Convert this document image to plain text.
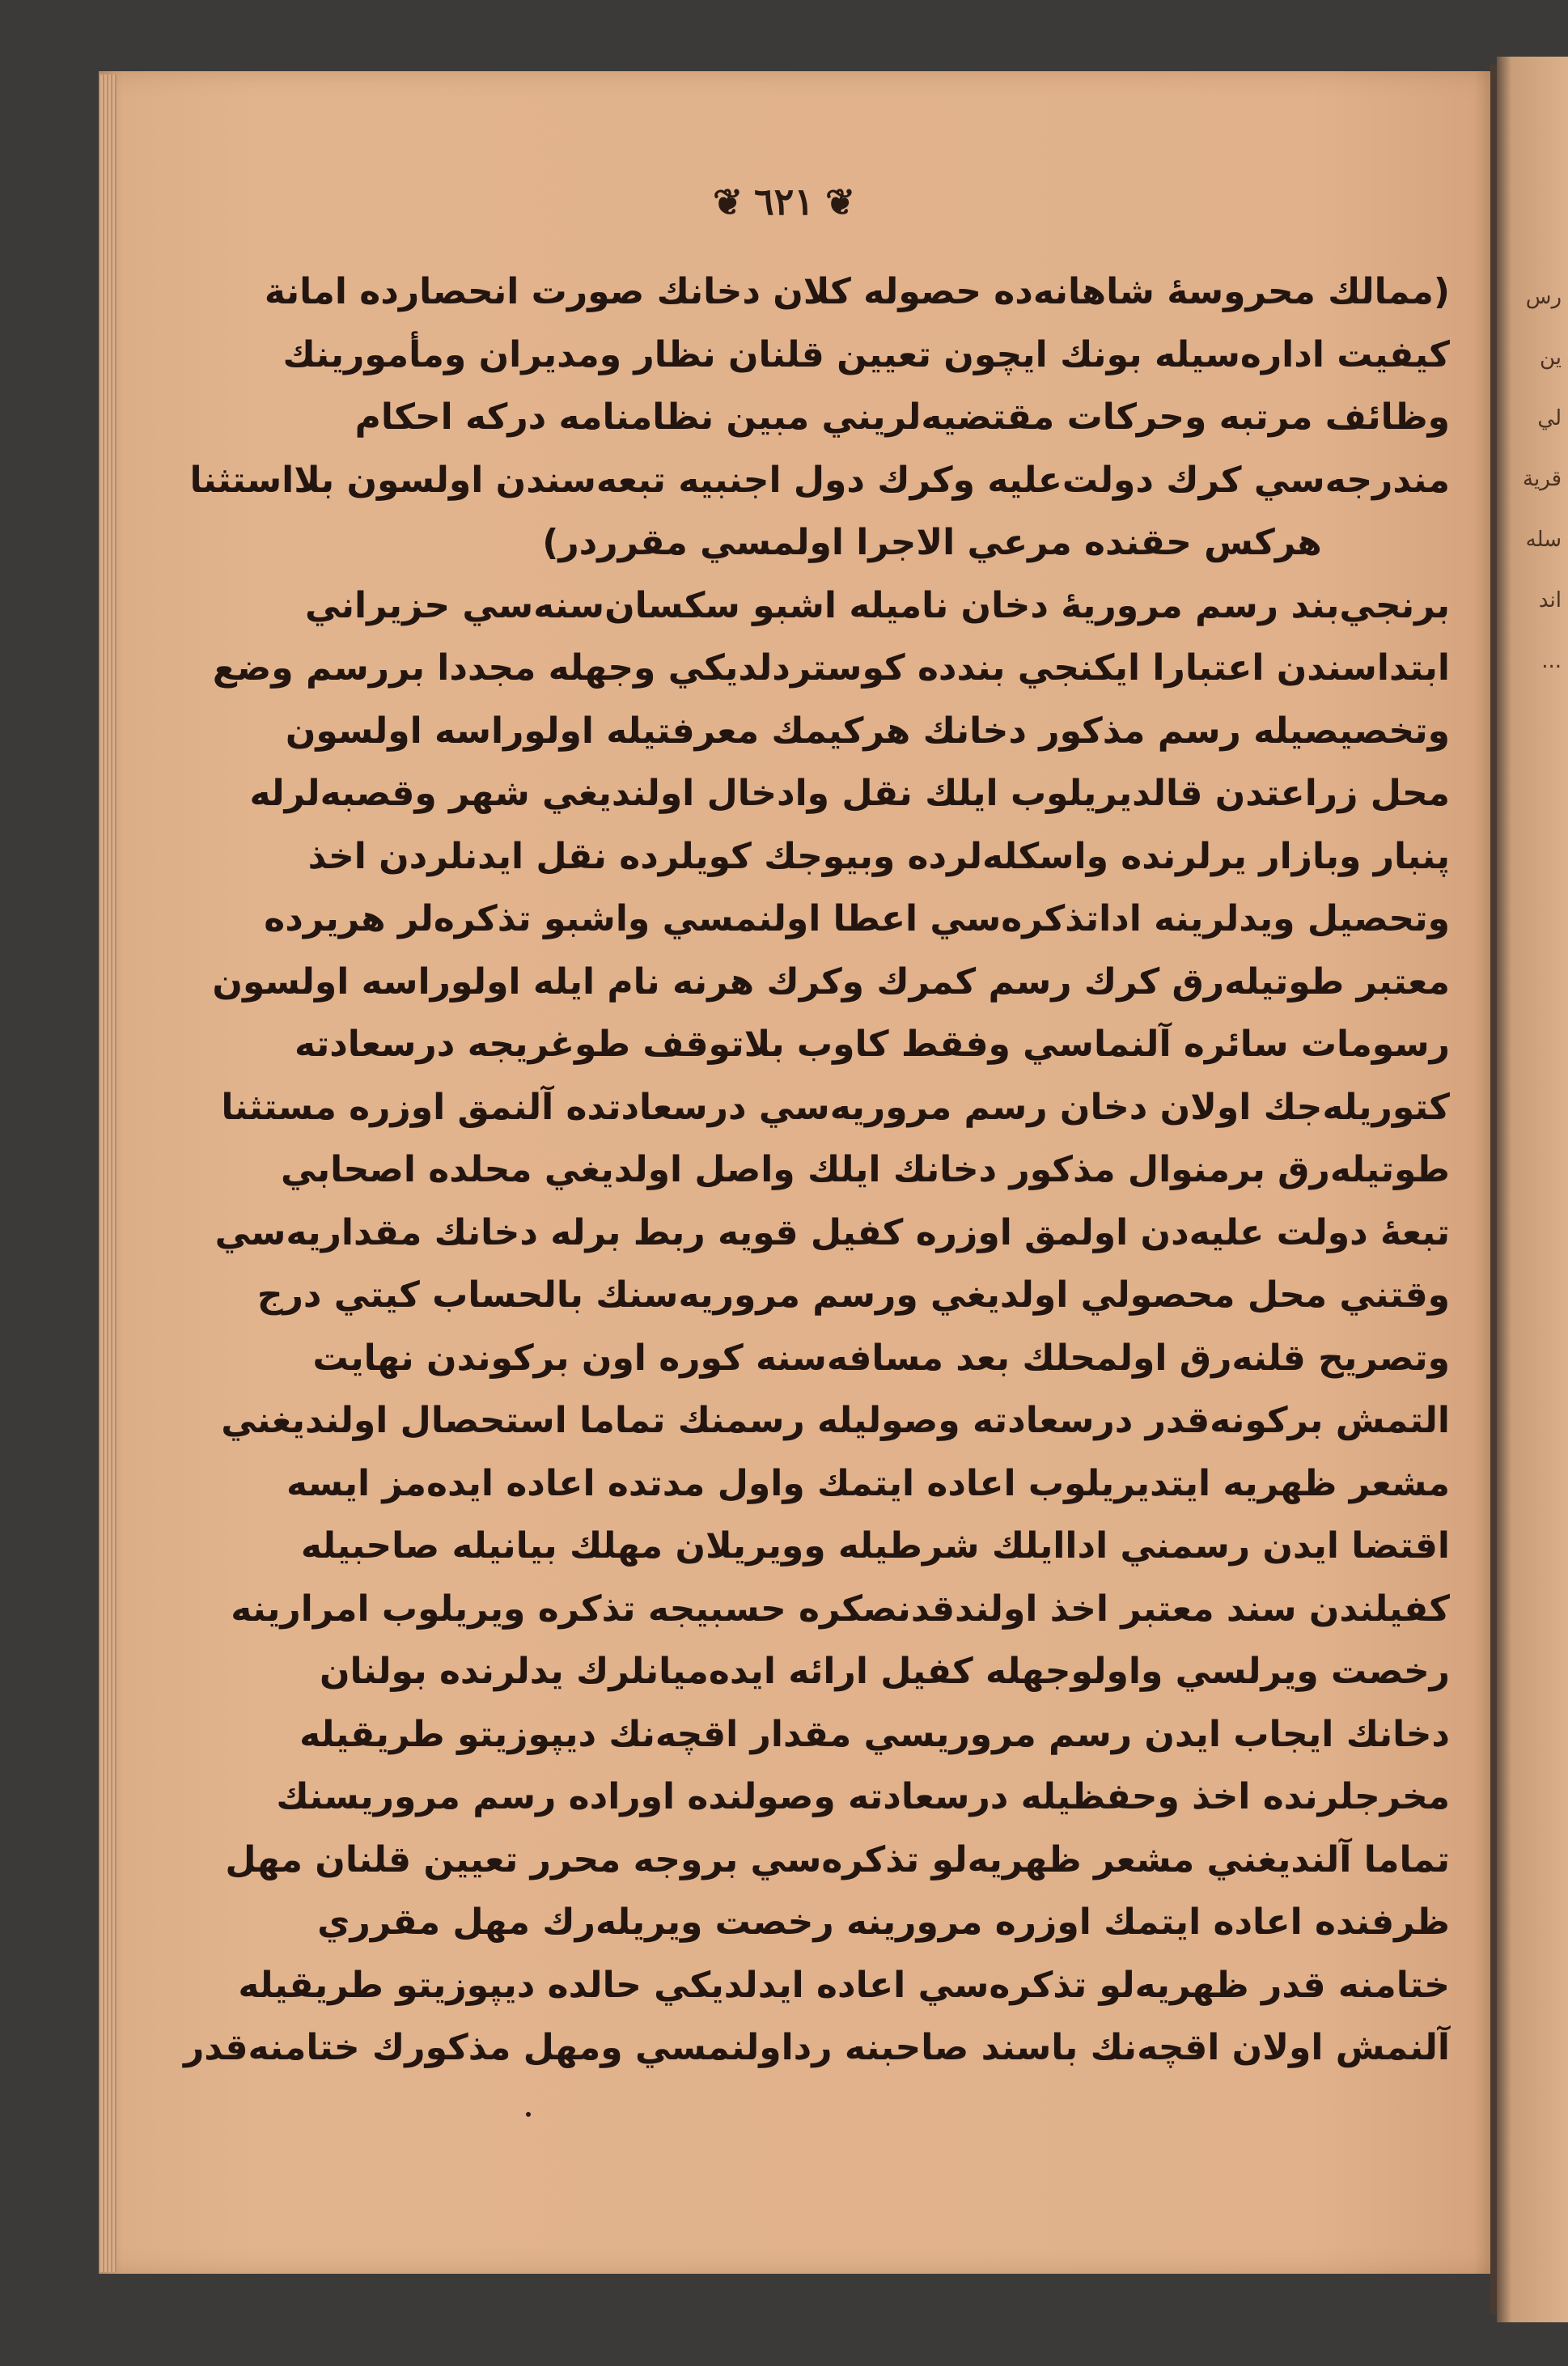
رس
ين
لي
قرية
سله
اند
...
❦٦٢١❦
(ممالك محروسهٔ شاهانه‌ده حصوله كلان دخانك صورت انحصارده امانة
كيفيت اداره‌سيله بونك ايچون تعيين قلنان نظار ومديران ومأمورينك
وظائف مرتبه وحركات مقتضيه‌لريني مبين نظامنامه دركه احكام
مندرجه‌سي كرك دولت‌عليه وكرك دول اجنبيه تبعه‌سندن اولسون بلااستثنا
هركس حقنده مرعي الاجرا اولمسي مقرردر)
برنجي‌بند رسم مروريهٔ دخان ناميله اشبو سكسان‌سنه‌سي حزيراني
ابتداسندن اعتبارا ايكنجي بندده كوستردلديكي وجهله مجددا بررسم وضع
وتخصيصيله رسم مذكور دخانك هركيمك معرفتيله اولوراسه اولسون
محل زراعتدن قالديريلوب ايلك نقل وادخال اولنديغي شهر وقصبه‌لرله
پنبار وبازار يرلرنده واسكله‌لرده وبيوجك كويلرده نقل ايدنلردن اخذ
وتحصيل ويدلرينه اداتذكره‌سي اعطا اولنمسي واشبو تذكره‌لر هريرده
معتبر طوتيله‌رق كرك رسم كمرك وكرك هرنه نام ايله اولوراسه اولسون
رسومات سائره آلنماسي وفقط كاوب بلاتوقف طوغريجه درسعادته
كتوريله‌جك اولان دخان رسم مروريه‌سي درسعادتده آلنمق اوزره مستثنا
طوتيله‌رق برمنوال مذكور دخانك ايلك واصل اولديغي محلده اصحابي
تبعهٔ دولت عليه‌دن اولمق اوزره كفيل قويه ربط برله دخانك مقداريه‌سي
وقتني محل محصولي اولديغي ورسم مروريه‌سنك بالحساب كيتي درج
وتصريح قلنه‌رق اولمحلك بعد مسافه‌سنه كوره اون بركوندن نهايت
التمش بركونه‌قدر درسعادته وصوليله رسمنك تماما استحصال اولنديغني
مشعر ظهريه ايتديريلوب اعاده ايتمك واول مدتده اعاده ايده‌مز ايسه
اقتضا ايدن رسمني اداايلك شرطيله وويريلان مهلك بيانيله صاحبيله
كفيلندن سند معتبر اخذ اولندقدنصكره حسبيجه تذكره ويريلوب امرارينه
رخصت ويرلسي واولوجهله كفيل ارائه ايده‌ميانلرك يدلرنده بولنان
دخانك ايجاب ايدن رسم مروريسي مقدار اقچه‌نك ديپوزيتو طريقيله
مخرجلرنده اخذ وحفظيله درسعادته وصولنده اوراده رسم مروريسنك
تماما آلنديغني مشعر ظهريه‌لو تذكره‌سي بروجه محرر تعيين قلنان مهل
ظرفنده اعاده ايتمك اوزره مرورينه رخصت ويريله‌رك مهل مقرري
ختامنه قدر ظهريه‌لو تذكره‌سي اعاده ايدلديكي حالده ديپوزيتو طريقيله
آلنمش اولان اقچه‌نك باسند صاحبنه رداولنمسي ومهل مذكورك ختامنه‌قدر
